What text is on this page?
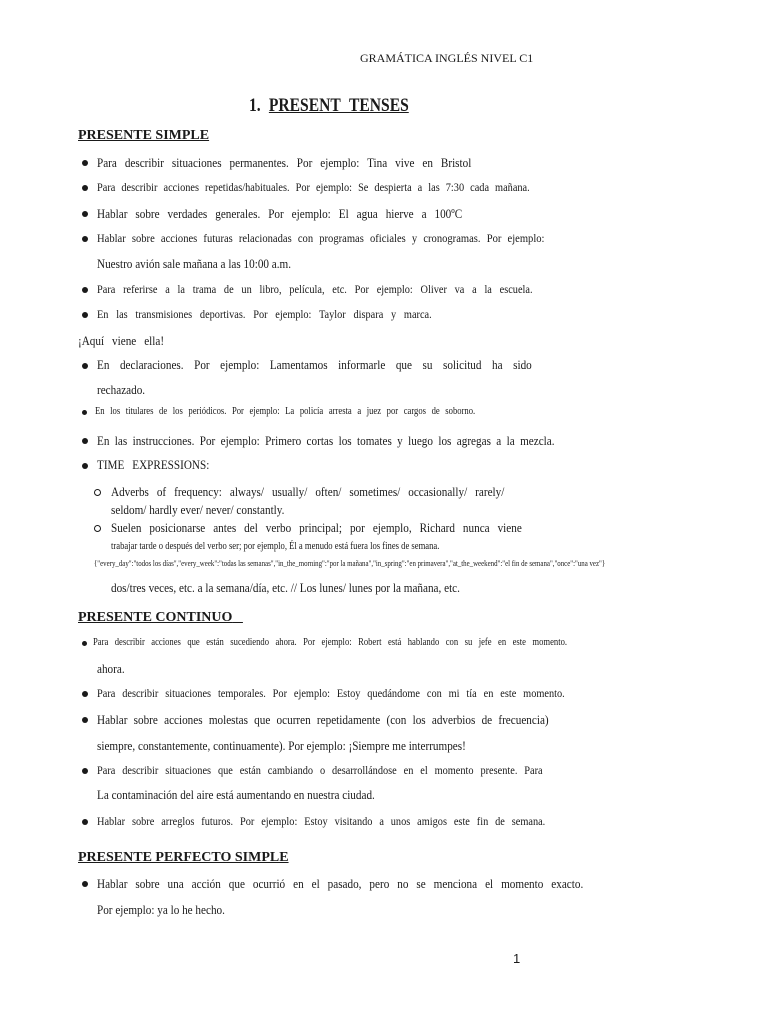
GRAMÁTICA INGLÉS NIVEL C1
1. PRESENT TENSES
PRESENTE SIMPLE
Para describir situaciones permanentes. Por ejemplo: Tina vive en Bristol
Para describir acciones repetidas/habituales. Por ejemplo: Se despierta a las 7:30 cada mañana.
Hablar sobre verdades generales. Por ejemplo: El agua hierve a 100ºC
Hablar sobre acciones futuras relacionadas con programas oficiales y cronogramas. Por ejemplo:
Nuestro avión sale mañana a las 10:00 a.m.
Para referirse a la trama de un libro, película, etc. Por ejemplo: Oliver va a la escuela.
En las transmisiones deportivas. Por ejemplo: Taylor dispara y marca.
¡Aquí viene ella!
En declaraciones. Por ejemplo: Lamentamos informarle que su solicitud ha sido
rechazado.
En los titulares de los periódicos. Por ejemplo: La policía arresta a juez por cargos de soborno.
En las instrucciones. Por ejemplo: Primero cortas los tomates y luego los agregas a la mezcla.
TIME EXPRESSIONS:
Adverbs of frequency: always/ usually/ often/ sometimes/ occasionally/ rarely/
seldom/ hardly ever/ never/ constantly.
Suelen posicionarse antes del verbo principal; por ejemplo, Richard nunca viene
trabajar tarde o después del verbo ser; por ejemplo, Él a menudo está fuera los fines de semana.
{"every_day":"todos los días","every_week":"todas las semanas","in_the_morning":"por la mañana","in_spring":"en primavera","at_the_weekend":"el fin de semana","once":"una vez"}
dos/tres veces, etc. a la semana/día, etc. // Los lunes/ lunes por la mañana, etc.
PRESENTE CONTINUO
Para describir acciones que están sucediendo ahora. Por ejemplo: Robert está hablando con su jefe en este momento.
ahora.
Para describir situaciones temporales. Por ejemplo: Estoy quedándome con mi tía en este momento.
Hablar sobre acciones molestas que ocurren repetidamente (con los adverbios de frecuencia)
siempre, constantemente, continuamente). Por ejemplo: ¡Siempre me interrumpes!
Para describir situaciones que están cambiando o desarrollándose en el momento presente. Para
La contaminación del aire está aumentando en nuestra ciudad.
Hablar sobre arreglos futuros. Por ejemplo: Estoy visitando a unos amigos este fin de semana.
PRESENTE PERFECTO SIMPLE
Hablar sobre una acción que ocurrió en el pasado, pero no se menciona el momento exacto.
Por ejemplo: ya lo he hecho.
1
